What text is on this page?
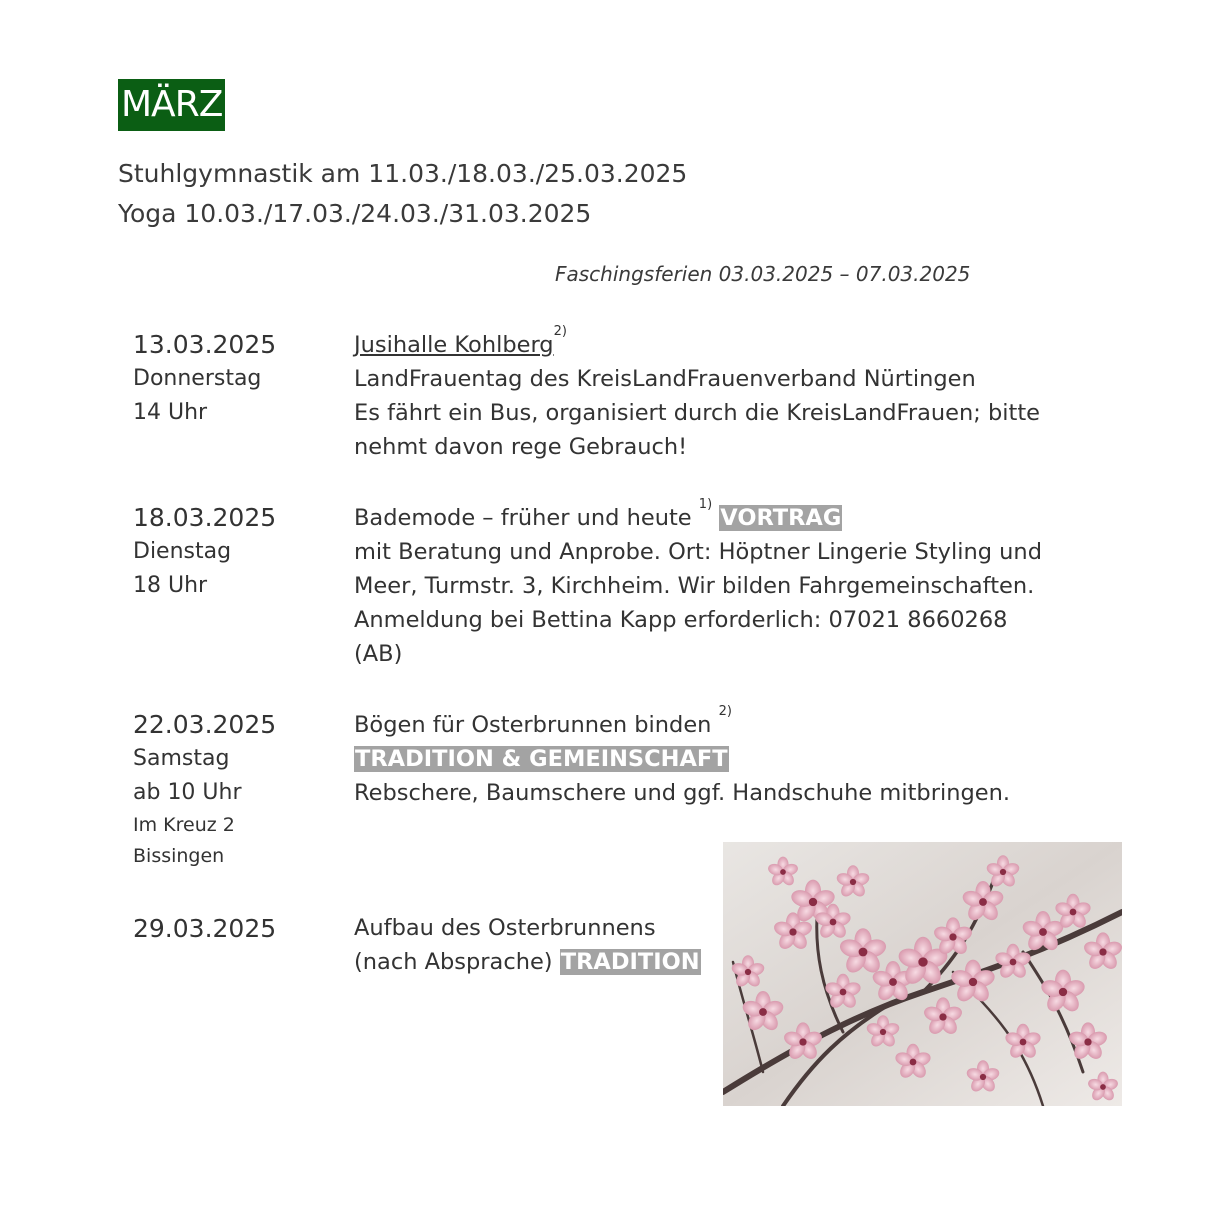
MÄRZ
Stuhlgymnastik am 11.03./18.03./25.03.2025
Yoga 10.03./17.03./24.03./31.03.2025
Faschingsferien 03.03.2025 – 07.03.2025
13.03.2025
Donnerstag
14 Uhr
Jusihalle Kohlberg$^{2)}$
LandFrauentag des KreisLandFrauenverband Nürtingen
Es fährt ein Bus, organisiert durch die KreisLandFrauen; bitte
nehmt davon rege Gebrauch!
18.03.2025
Dienstag
18 Uhr
Bademode – früher und heute $^{1)}$ VORTRAG
mit Beratung und Anprobe. Ort: Höptner Lingerie Styling und
Meer, Turmstr. 3, Kirchheim. Wir bilden Fahrgemeinschaften.
Anmeldung bei Bettina Kapp erforderlich: 07021 8660268
(AB)
22.03.2025
Samstag
ab 10 Uhr
Im Kreuz 2
Bissingen
Bögen für Osterbrunnen binden $^{2)}$
TRADITION & GEMEINSCHAFT
Rebschere, Baumschere und ggf. Handschuhe mitbringen.
29.03.2025	Aufbau des Osterbrunnens
(nach Absprache) TRADITION
